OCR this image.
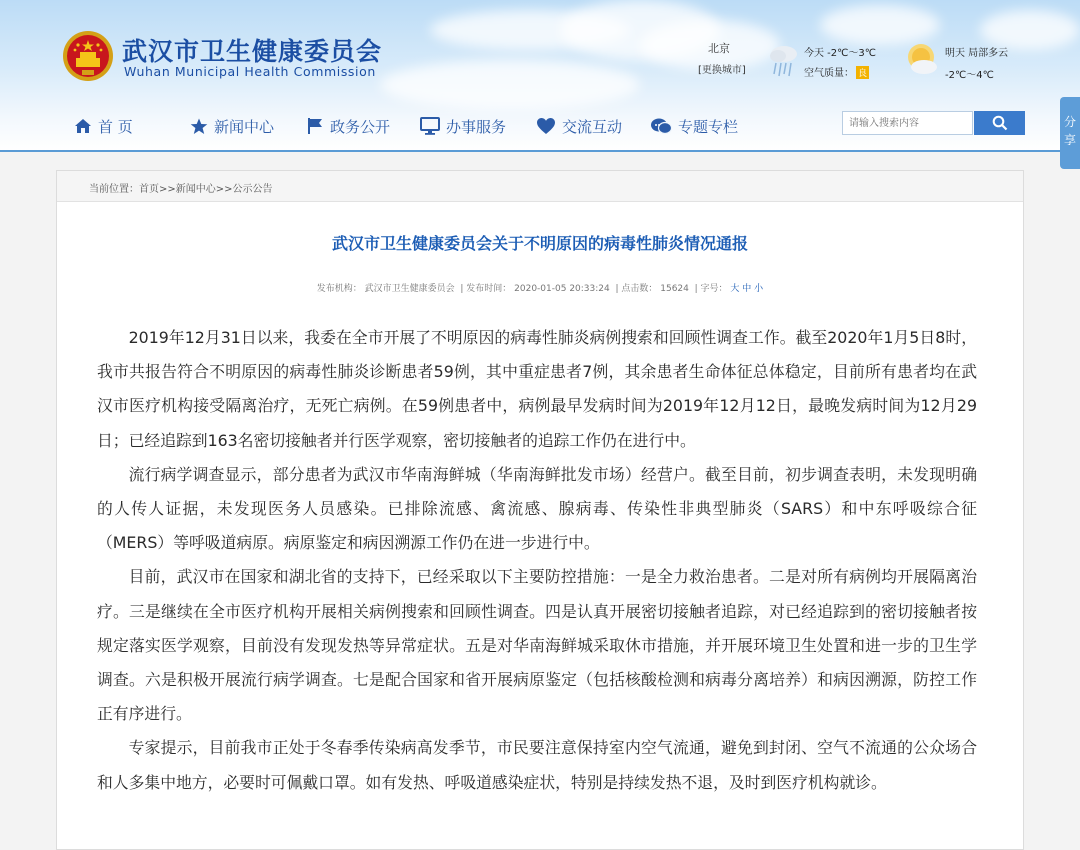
武汉市卫生健康委员会
Wuhan Municipal Health Commission
北京
[更换城市]
今天 -2℃～3℃
空气质量： 良
明天 局部多云
-2℃～4℃
首 页	新闻中心	政务公开	办事服务	交流互动	专题专栏
请输入搜索内容	分享
当前位置：首页>>新闻中心>>公示公告
武汉市卫生健康委员会关于不明原因的病毒性肺炎情况通报
发布机构： 武汉市卫生健康委员会  | 发布时间： 2020-01-05 20:33:24  | 点击数： 15624  | 字号： 大 中 小

2019年12月31日以来，我委在全市开展了不明原因的病毒性肺炎病例搜索和回顾性调查工作。截至2020年1月5日8时，我市共报告符合不明原因的病毒性肺炎诊断患者59例，其中重症患者7例，其余患者生命体征总体稳定，目前所有患者均在武汉市医疗机构接受隔离治疗，无死亡病例。在59例患者中，病例最早发病时间为2019年12月12日，最晚发病时间为12月29日；已经追踪到163名密切接触者并行医学观察，密切接触者的追踪工作仍在进行中。

流行病学调查显示，部分患者为武汉市华南海鲜城（华南海鲜批发市场）经营户。截至目前，初步调查表明，未发现明确的人传人证据，未发现医务人员感染。已排除流感、禽流感、腺病毒、传染性非典型肺炎（SARS）和中东呼吸综合征（MERS）等呼吸道病原。病原鉴定和病因溯源工作仍在进一步进行中。

目前，武汉市在国家和湖北省的支持下，已经采取以下主要防控措施：一是全力救治患者。二是对所有病例均开展隔离治疗。三是继续在全市医疗机构开展相关病例搜索和回顾性调查。四是认真开展密切接触者追踪，对已经追踪到的密切接触者按规定落实医学观察，目前没有发现发热等异常症状。五是对华南海鲜城采取休市措施，并开展环境卫生处置和进一步的卫生学调查。六是积极开展流行病学调查。七是配合国家和省开展病原鉴定（包括核酸检测和病毒分离培养）和病因溯源，防控工作正有序进行。

专家提示，目前我市正处于冬春季传染病高发季节，市民要注意保持室内空气流通，避免到封闭、空气不流通的公众场合和人多集中地方，必要时可佩戴口罩。如有发热、呼吸道感染症状，特别是持续发热不退，及时到医疗机构就诊。
